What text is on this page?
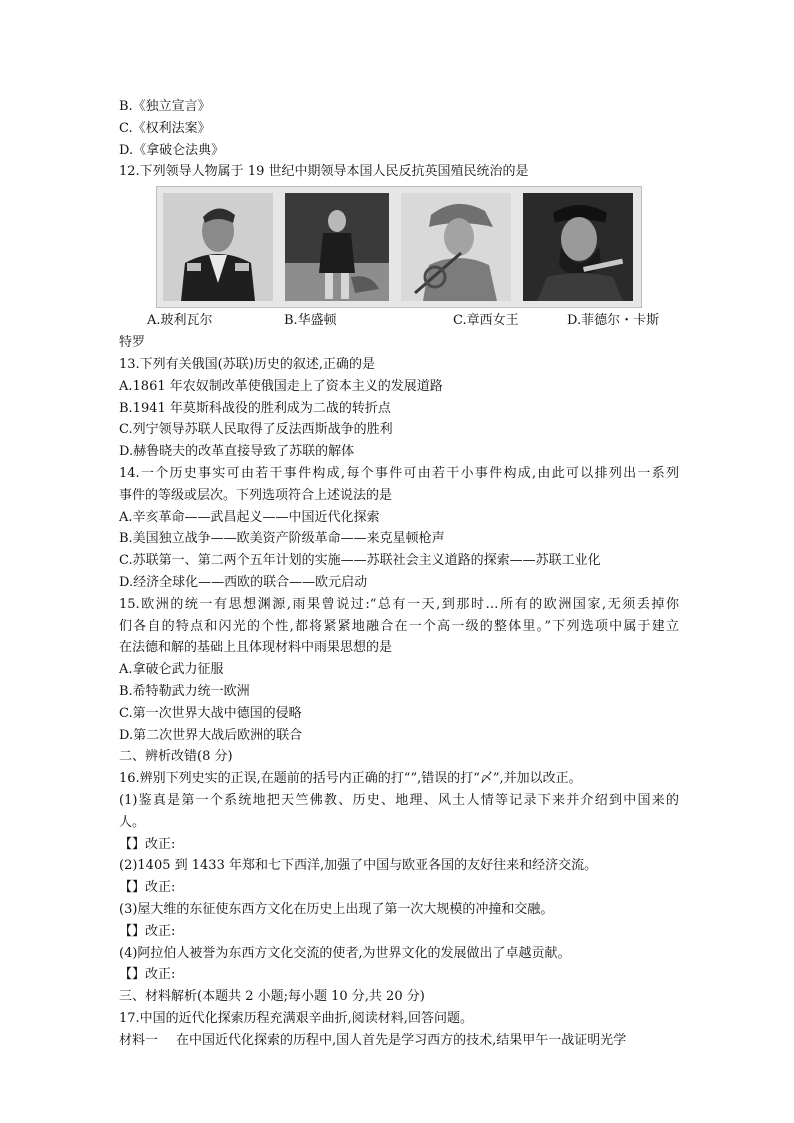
B.《独立宣言》
C.《权利法案》
D.《拿破仑法典》
12.下列领导人物属于 19 世纪中期领导本国人民反抗英国殖民统治的是
A.玻利瓦尔	B.华盛顿	C.章西女王	D.菲德尔・卡斯
特罗
13.下列有关俄国(苏联)历史的叙述,正确的是
A.1861 年农奴制改革使俄国走上了资本主义的发展道路
B.1941 年莫斯科战役的胜利成为二战的转折点
C.列宁领导苏联人民取得了反法西斯战争的胜利
D.赫鲁晓夫的改革直接导致了苏联的解体
14.一个历史事实可由若干事件构成,每个事件可由若干小事件构成,由此可以排列出一系列
事件的等级或层次。下列选项符合上述说法的是
A.辛亥革命——武昌起义——中国近代化探索
B.美国独立战争——欧美资产阶级革命——来克星顿枪声
C.苏联第一、第二两个五年计划的实施——苏联社会主义道路的探索——苏联工业化
D.经济全球化——西欧的联合——欧元启动
15.欧洲的统一有思想渊源,雨果曾说过:“总有一天,到那时…所有的欧洲国家,无须丢掉你
们各自的特点和闪光的个性,都将紧紧地融合在一个高一级的整体里。”下列选项中属于建立
在法德和解的基础上且体现材料中雨果思想的是
A.拿破仑武力征服
B.希特勒武力统一欧洲
C.第一次世界大战中德国的侵略
D.第二次世界大战后欧洲的联合
二、辨析改错(8 分)
16.辨别下列史实的正误,在题前的括号内正确的打“”,错误的打“〆”,并加以改正。
(1)鉴真是第一个系统地把天竺佛教、历史、地理、风土人情等记录下来并介绍到中国来的
人。
【】改正:
(2)1405 到 1433 年郑和七下西洋,加强了中国与欧亚各国的友好往来和经济交流。
【】改正:
(3)屋大维的东征使东西方文化在历史上出现了第一次大规模的冲撞和交融。
【】改正:
(4)阿拉伯人被誉为东西方文化交流的使者,为世界文化的发展做出了卓越贡献。
【】改正:
三、材料解析(本题共 2 小题;每小题 10 分,共 20 分)
17.中国的近代化探索历程充满艰辛曲折,阅读材料,回答问题。
材料一 在中国近代化探索的历程中,国人首先是学习西方的技术,结果甲午一战证明光学
